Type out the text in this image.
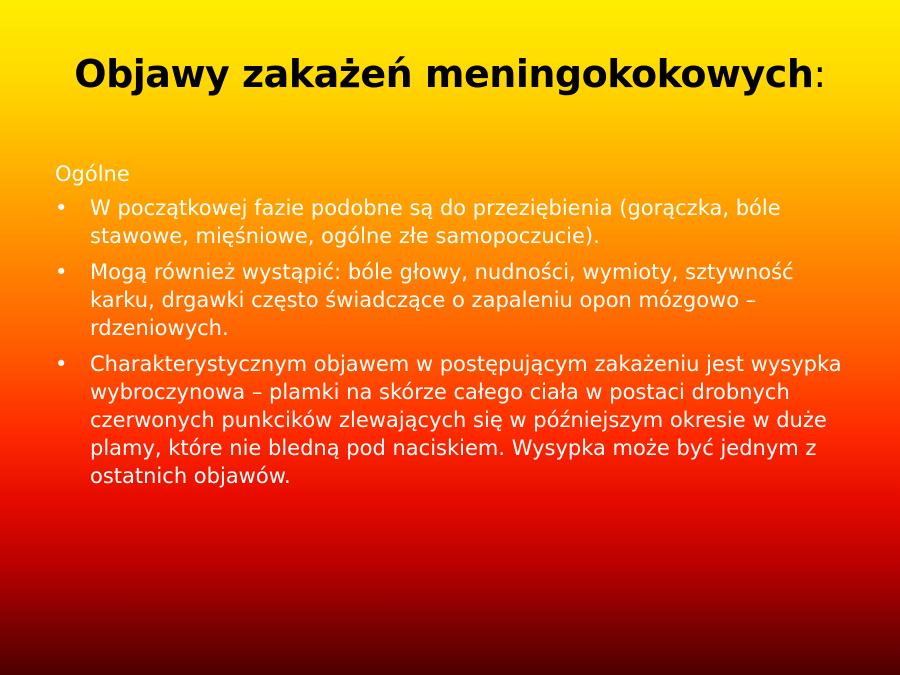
Objawy zakażeń meningokokowych:
Ogólne
• W początkowej fazie podobne są do przeziębienia (gorączka, bóle stawowe, mięśniowe, ogólne złe samopoczucie).
• Mogą również wystąpić: bóle głowy, nudności, wymioty, sztywność karku, drgawki często świadczące o zapaleniu opon mózgowo – rdzeniowych.
• Charakterystycznym objawem w postępującym zakażeniu jest wysypka wybroczynowa – plamki na skórze całego ciała w postaci drobnych czerwonych punkcików zlewających się w późniejszym okresie w duże plamy, które nie bledną pod naciskiem. Wysypka może być jednym z ostatnich objawów.
